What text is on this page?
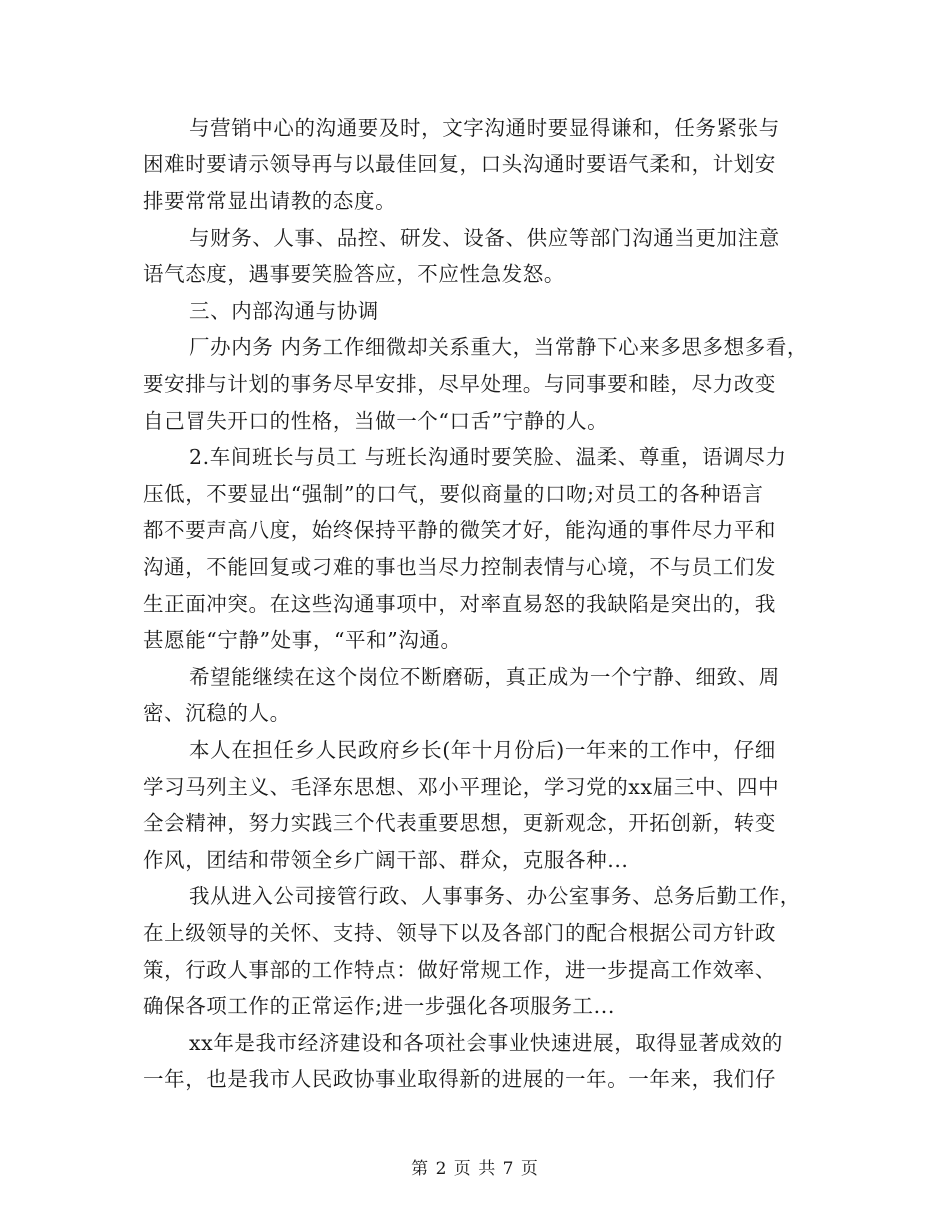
与营销中心的沟通要及时，文字沟通时要显得谦和，任务紧张与
困难时要请示领导再与以最佳回复，口头沟通时要语气柔和，计划安
排要常常显出请教的态度。
与财务、人事、品控、研发、设备、供应等部门沟通当更加注意
语气态度，遇事要笑脸答应，不应性急发怒。
三、内部沟通与协调
厂办内务 内务工作细微却关系重大，当常静下心来多思多想多看，
要安排与计划的事务尽早安排，尽早处理。与同事要和睦，尽力改变
自己冒失开口的性格，当做一个“口舌”宁静的人。
2.车间班长与员工 与班长沟通时要笑脸、温柔、尊重，语调尽力
压低，不要显出“强制”的口气，要似商量的口吻;对员工的各种语言
都不要声高八度，始终保持平静的微笑才好，能沟通的事件尽力平和
沟通，不能回复或刁难的事也当尽力控制表情与心境，不与员工们发
生正面冲突。在这些沟通事项中，对率直易怒的我缺陷是突出的，我
甚愿能“宁静”处事，“平和”沟通。
希望能继续在这个岗位不断磨砺，真正成为一个宁静、细致、周
密、沉稳的人。
本人在担任乡人民政府乡长(年十月份后)一年来的工作中，仔细
学习马列主义、毛泽东思想、邓小平理论，学习党的xx届三中、四中
全会精神，努力实践三个代表重要思想，更新观念，开拓创新，转变
作风，团结和带领全乡广阔干部、群众，克服各种...
我从进入公司接管行政、人事事务、办公室事务、总务后勤工作，
在上级领导的关怀、支持、领导下以及各部门的配合根据公司方针政
策，行政人事部的工作特点：做好常规工作，进一步提高工作效率、
确保各项工作的正常运作;进一步强化各项服务工...
xx年是我市经济建设和各项社会事业快速进展，取得显著成效的
一年，也是我市人民政协事业取得新的进展的一年。一年来，我们仔
第 2 页 共 7 页
